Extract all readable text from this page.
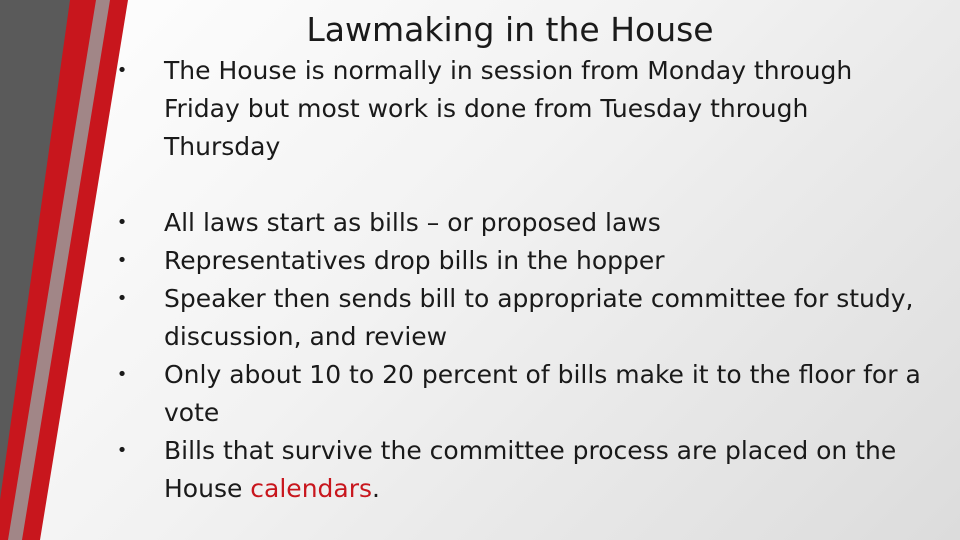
Lawmaking in the House
• The House is normally in session from Monday through Friday but most work is done from Tuesday through Thursday
• All laws start as bills – or proposed laws
• Representatives drop bills in the hopper
• Speaker then sends bill to appropriate committee for study, discussion, and review
• Only about 10 to 20 percent of bills make it to the floor for a vote
• Bills that survive the committee process are placed on the House calendars.
